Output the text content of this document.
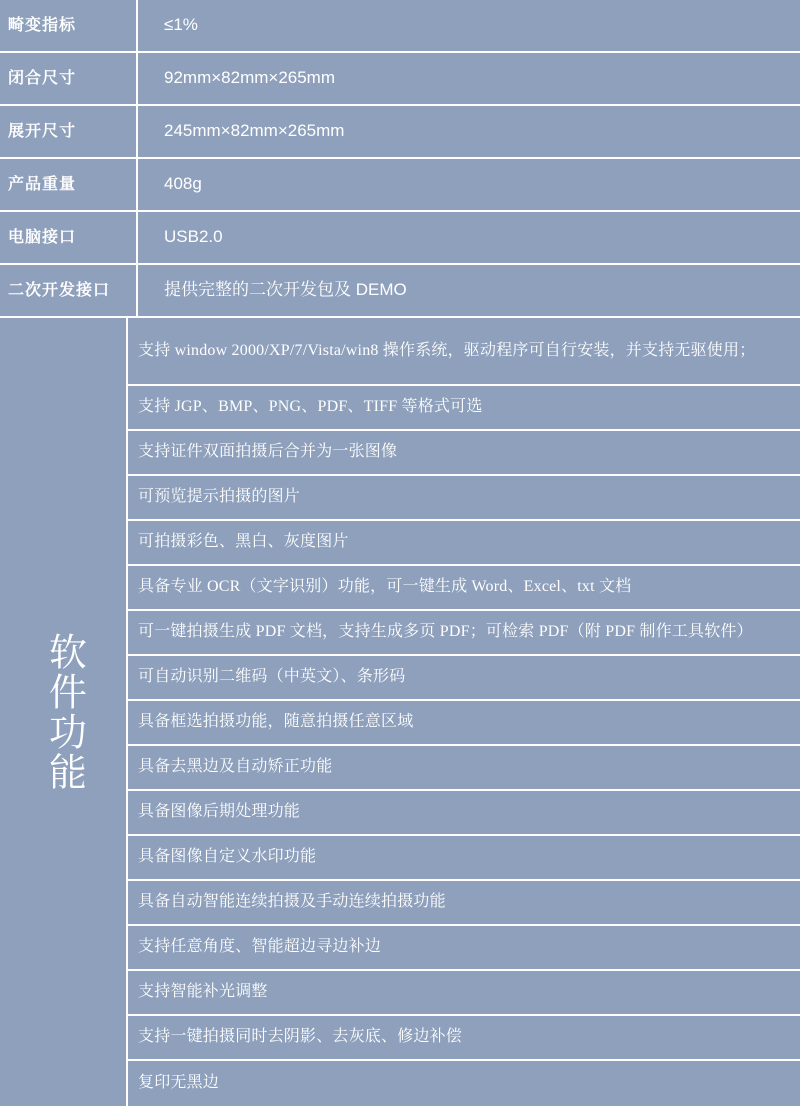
畸变指标	≤1%
闭合尺寸	92mm×82mm×265mm
展开尺寸	245mm×82mm×265mm
产品重量	408g
电脑接口	USB2.0
二次开发接口	提供完整的二次开发包及 DEMO
软件功能
支持 window 2000/XP/7/Vista/win8 操作系统，驱动程序可自行安装，并支持无驱使用；
支持 JGP、BMP、PNG、PDF、TIFF 等格式可选
支持证件双面拍摄后合并为一张图像
可预览提示拍摄的图片
可拍摄彩色、黑白、灰度图片
具备专业 OCR（文字识别）功能，可一键生成 Word、Excel、txt 文档
可一键拍摄生成 PDF 文档，支持生成多页 PDF；可检索 PDF（附 PDF 制作工具软件）
可自动识别二维码（中英文）、条形码
具备框选拍摄功能，随意拍摄任意区域
具备去黑边及自动矫正功能
具备图像后期处理功能
具备图像自定义水印功能
具备自动智能连续拍摄及手动连续拍摄功能
支持任意角度、智能超边寻边补边
支持智能补光调整
支持一键拍摄同时去阴影、去灰底、修边补偿
复印无黑边
